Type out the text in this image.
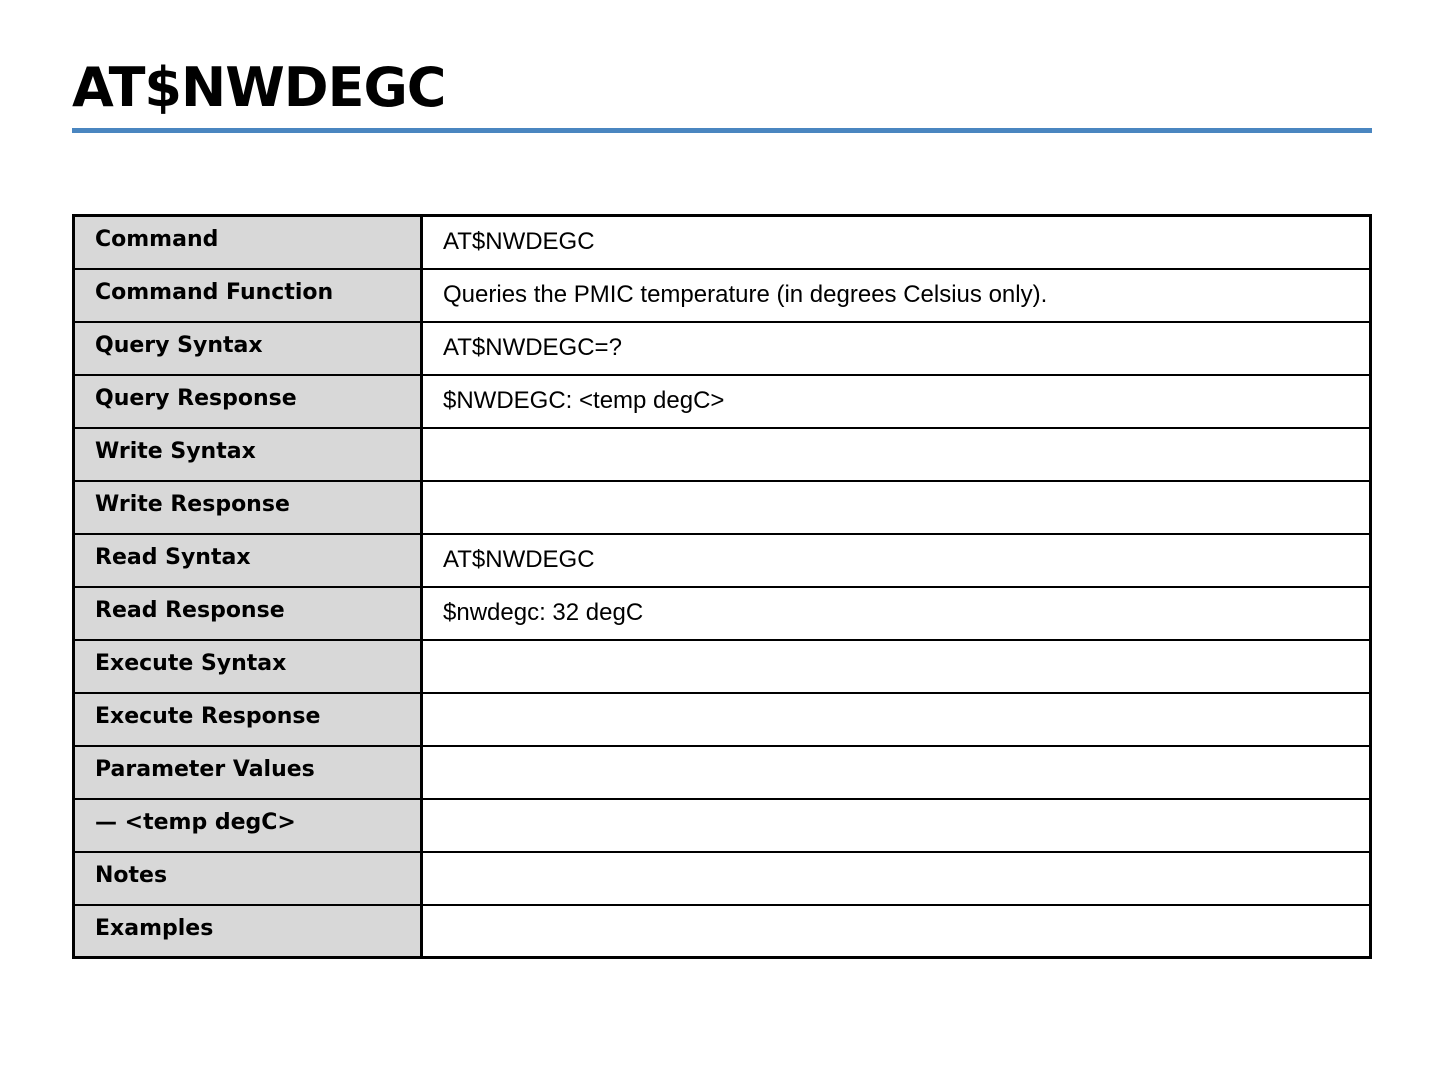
AT$NWDEGC
Command	AT$NWDEGC
Command Function	Queries the PMIC temperature (in degrees Celsius only).
Query Syntax	AT$NWDEGC=?
Query Response	$NWDEGC: <temp degC>
Write Syntax	
Write Response	
Read Syntax	AT$NWDEGC
Read Response	$nwdegc: 32 degC
Execute Syntax	
Execute Response	
Parameter Values	
— <temp degC>	
Notes	
Examples	
